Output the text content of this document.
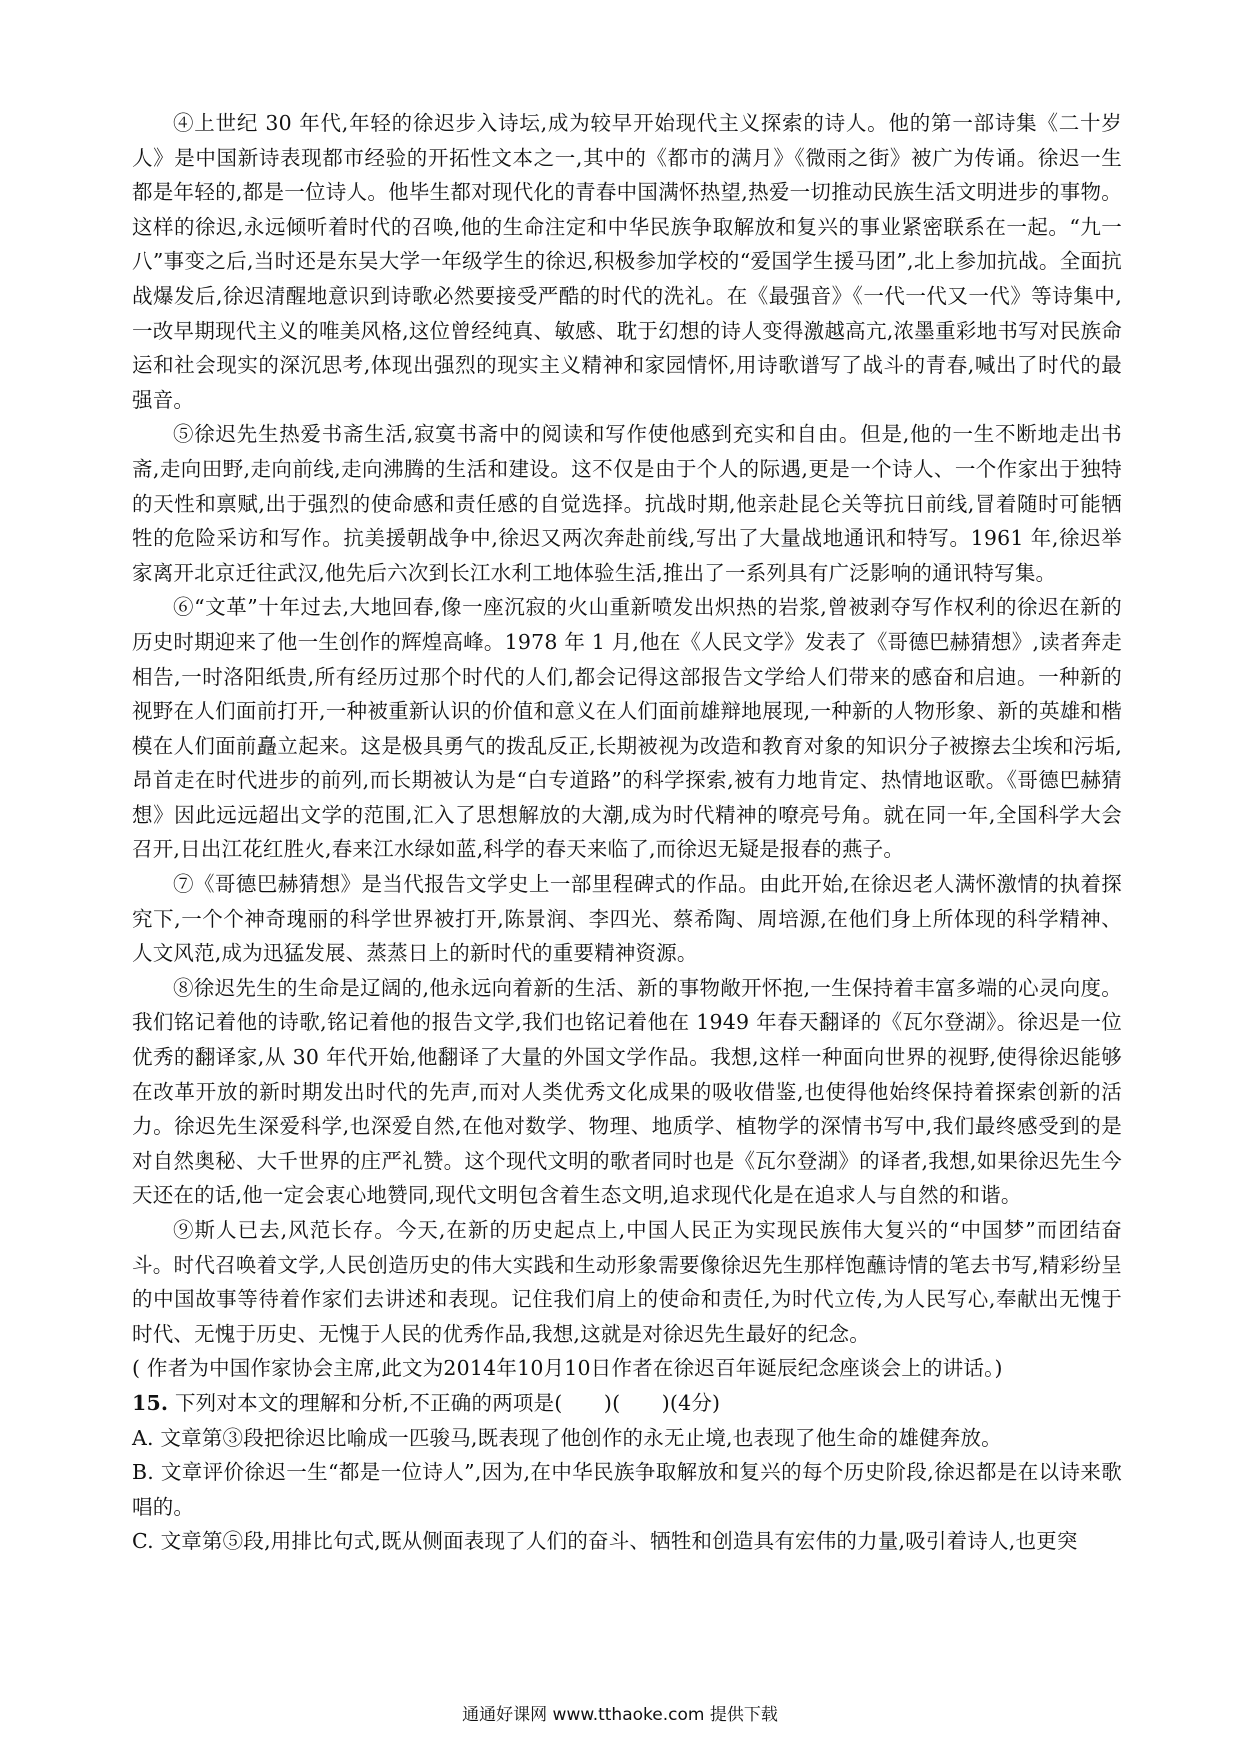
④上世纪 30 年代,年轻的徐迟步入诗坛,成为较早开始现代主义探索的诗人。他的第一部诗集《二十岁人》是中国新诗表现都市经验的开拓性文本之一,其中的《都市的满月》《微雨之街》被广为传诵。徐迟一生都是年轻的,都是一位诗人。他毕生都对现代化的青春中国满怀热望,热爱一切推动民族生活文明进步的事物。这样的徐迟,永远倾听着时代的召唤,他的生命注定和中华民族争取解放和复兴的事业紧密联系在一起。“九一八”事变之后,当时还是东吴大学一年级学生的徐迟,积极参加学校的“爱国学生援马团”,北上参加抗战。全面抗战爆发后,徐迟清醒地意识到诗歌必然要接受严酷的时代的洗礼。在《最强音》《一代一代又一代》等诗集中,一改早期现代主义的唯美风格,这位曾经纯真、敏感、耽于幻想的诗人变得激越高亢,浓墨重彩地书写对民族命运和社会现实的深沉思考,体现出强烈的现实主义精神和家园情怀,用诗歌谱写了战斗的青春,喊出了时代的最强音。

⑤徐迟先生热爱书斋生活,寂寞书斋中的阅读和写作使他感到充实和自由。但是,他的一生不断地走出书斋,走向田野,走向前线,走向沸腾的生活和建设。这不仅是由于个人的际遇,更是一个诗人、一个作家出于独特的天性和禀赋,出于强烈的使命感和责任感的自觉选择。抗战时期,他亲赴昆仑关等抗日前线,冒着随时可能牺牲的危险采访和写作。抗美援朝战争中,徐迟又两次奔赴前线,写出了大量战地通讯和特写。1961 年,徐迟举家离开北京迁往武汉,他先后六次到长江水利工地体验生活,推出了一系列具有广泛影响的通讯特写集。

⑥“文革”十年过去,大地回春,像一座沉寂的火山重新喷发出炽热的岩浆,曾被剥夺写作权利的徐迟在新的历史时期迎来了他一生创作的辉煌高峰。1978 年 1 月,他在《人民文学》发表了《哥德巴赫猜想》,读者奔走相告,一时洛阳纸贵,所有经历过那个时代的人们,都会记得这部报告文学给人们带来的感奋和启迪。一种新的视野在人们面前打开,一种被重新认识的价值和意义在人们面前雄辩地展现,一种新的人物形象、新的英雄和楷模在人们面前矗立起来。这是极具勇气的拨乱反正,长期被视为改造和教育对象的知识分子被擦去尘埃和污垢,昂首走在时代进步的前列,而长期被认为是“白专道路”的科学探索,被有力地肯定、热情地讴歌。《哥德巴赫猜想》因此远远超出文学的范围,汇入了思想解放的大潮,成为时代精神的嘹亮号角。就在同一年,全国科学大会召开,日出江花红胜火,春来江水绿如蓝,科学的春天来临了,而徐迟无疑是报春的燕子。

⑦《哥德巴赫猜想》是当代报告文学史上一部里程碑式的作品。由此开始,在徐迟老人满怀激情的执着探究下,一个个神奇瑰丽的科学世界被打开,陈景润、李四光、蔡希陶、周培源,在他们身上所体现的科学精神、人文风范,成为迅猛发展、蒸蒸日上的新时代的重要精神资源。

⑧徐迟先生的生命是辽阔的,他永远向着新的生活、新的事物敞开怀抱,一生保持着丰富多端的心灵向度。我们铭记着他的诗歌,铭记着他的报告文学,我们也铭记着他在 1949 年春天翻译的《瓦尔登湖》。徐迟是一位优秀的翻译家,从 30 年代开始,他翻译了大量的外国文学作品。我想,这样一种面向世界的视野,使得徐迟能够在改革开放的新时期发出时代的先声,而对人类优秀文化成果的吸收借鉴,也使得他始终保持着探索创新的活力。徐迟先生深爱科学,也深爱自然,在他对数学、物理、地质学、植物学的深情书写中,我们最终感受到的是对自然奥秘、大千世界的庄严礼赞。这个现代文明的歌者同时也是《瓦尔登湖》的译者,我想,如果徐迟先生今天还在的话,他一定会衷心地赞同,现代文明包含着生态文明,追求现代化是在追求人与自然的和谐。

⑨斯人已去,风范长存。今天,在新的历史起点上,中国人民正为实现民族伟大复兴的“中国梦”而团结奋斗。时代召唤着文学,人民创造历史的伟大实践和生动形象需要像徐迟先生那样饱蘸诗情的笔去书写,精彩纷呈的中国故事等待着作家们去讲述和表现。记住我们肩上的使命和责任,为时代立传,为人民写心,奉献出无愧于时代、无愧于历史、无愧于人民的优秀作品,我想,这就是对徐迟先生最好的纪念。

( 作者为中国作家协会主席,此文为2014年10月10日作者在徐迟百年诞辰纪念座谈会上的讲话。)

15. 下列对本文的理解和分析,不正确的两项是(　　)(　　)(4分)

A. 文章第③段把徐迟比喻成一匹骏马,既表现了他创作的永无止境,也表现了他生命的雄健奔放。

B. 文章评价徐迟一生“都是一位诗人”,因为,在中华民族争取解放和复兴的每个历史阶段,徐迟都是在以诗来歌唱的。

C. 文章第⑤段,用排比句式,既从侧面表现了人们的奋斗、牺牲和创造具有宏伟的力量,吸引着诗人,也更突

通通好课网 www.tthaoke.com 提供下载
